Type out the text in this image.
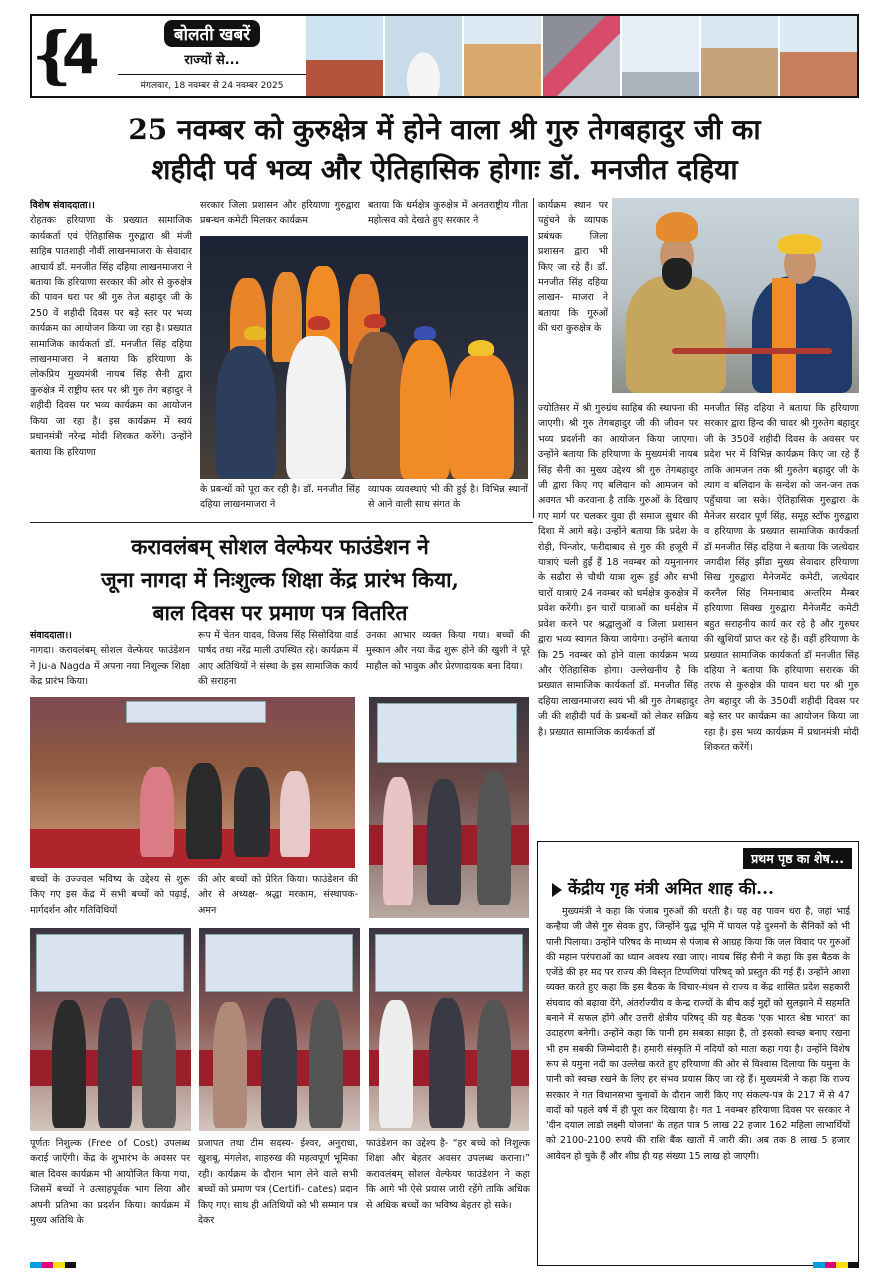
{
4	बोलती खबरें
राज्यों से...
मंगलवार, 18 नवम्बर से 24 नवम्बर 2025
25 नवम्बर को कुरुक्षेत्र में होने वाला श्री गुरु तेगबहादुर जी का
शहीदी पर्व भव्य और ऐतिहासिक होगाः डॉ. मनजीत दहिया
विशेष संवाददाता।।
रोहतकः हरियाणा के प्रख्यात सामाजिक कार्यकर्ता एवं ऐतिहासिक गुरुद्वारा श्री मंजी साहिब पातशाही नौवीं लाखनमाजरा के सेवादार आचार्य डॉ. मनजीत सिंह दहिया लाखनमाजरा ने बताया कि हरियाणा सरकार की ओर से कुरुक्षेत्र की पावन धरा पर श्री गुरु तेज बहादुर जी के 250 वें शहीदी दिवस पर बड़े स्तर पर भव्य कार्यक्रम का आयोजन किया जा रहा है। प्रख्यात सामाजिक कार्यकर्ता डॉ. मनजीत सिंह दहिया लाखनमाजरा ने बताया कि हरियाणा के लोकप्रिय मुख्यमंत्री नायब सिंह सैनी द्वारा कुरुक्षेत्र में राष्ट्रीय स्तर पर श्री गुरु तेग बहादुर ने शहीदी दिवस पर भव्य कार्यक्रम का आयोजन किया जा रहा है। इस कार्यक्रम में स्वयं प्रधानमंत्री नरेन्द्र मोदी शिरकत करेंगे। उन्होंने बताया कि हरियाणा
सरकार जिला प्रशासन और हरियाणा गुरुद्वारा प्रबन्धन कमेटी मिलकर कार्यक्रम
बताया कि धर्मक्षेत्र कुरुक्षेत्र में अनतराष्ट्रीय गीता महोत्सव को देखते हुए सरकार ने
के प्रबन्धों को पूरा कर रही है। डॉ. मनजीत सिंह दहिया लाखनमाजरा ने
व्यापक व्यवस्थाएं भी की हुई है। विभिन्न स्थानों से आने वाली साध संगत के
कार्यक्रम स्थान पर पहुंचने के व्यापक प्रबंधक जिला प्रशासन द्वारा भी किए जा रहे हैं। डॉ. मनजीत सिंह दहिया लाखन- माजरा ने बताया कि गुरुओं की धरा कुरुक्षेत्र के
ज्योतिसर में श्री गुरुग्रंथ साहिब की स्थापना की जाएगी। श्री गुरु तेगबहादुर जी की जीवन पर भव्य प्रदर्शनी का आयोजन किया जाएगा। उन्होंने बताया कि हरियाणा के मुख्यमंत्री नायब सिंह सैनी का मुख्य उद्देश्य श्री गुरु तेगबहादुर जी द्वारा किए गए बलिदान को आमजन को अवगत भी करवाना है ताकि गुरुओं के दिखाए गए मार्ग पर चलकर युवा ही समाज सुधार की दिशा में आगे बढ़े। उन्होंने बताया कि प्रदेश के रोड़ी, पिन्जोर, फरीदाबाद से गुरु की हजूरी में यात्राएं चली हुईं हैं 18 नवम्बर को यमुनानगर के सढौरा से चौथी यात्रा शुरू हुई और सभी चारों यात्राएं 24 नवम्बर को धर्मक्षेत्र कुरुक्षेत्र में प्रवेश करेंगी। इन चारों यात्राओं का धर्मक्षेत्र में प्रवेश करने पर श्रद्धालुओं व जिला प्रशासन द्वारा भव्य स्वागत किया जायेगा। उन्होंने बताया कि 25 नवम्बर को होने वाला कार्यक्रम भव्य और ऐतिहासिक होगा। उल्लेखनीय है कि प्रख्यात सामाजिक कार्यकर्ता डॉ. मनजीत सिंह दहिया लाखनमाजरा स्वयं भी श्री गुरु तेगबहादुर जी की शहीदी पर्व के प्रबन्धों को लेकर सक्रिय है। प्रख्यात सामाजिक कार्यकर्ता डॉ
मनजीत सिंह दहिया ने बताया कि हरियाणा सरकार द्वारा हिन्द की चादर श्री गुरुतेग बहादुर जी के 350वें शहीदी दिवस के अवसर पर प्रदेश भर में विभिन्न कार्यक्रम किए जा रहे हैं ताकि आमजन तक श्री गुरुतेग बहादुर जी के त्याग व बलिदान के सन्देश को जन-जन तक पहुँचाया जा सके। ऐतिहासिक गुरुद्वारा के मैनेजर सरदार पूर्ण सिंह, समूह स्टॉफ गुरुद्वारा व हरियाणा के प्रख्यात सामाजिक कार्यकर्ता डॉ मनजीत सिंह दहिया ने बताया कि जत्थेदार जगदीश सिंह झींडा मुख्य सेवादार हरियाणा सिख गुरुद्वारा मैनेजमेंट कमेटी, जत्थेदार करनैल सिंह निमनाबाद अन्तरिम मैम्बर हरियाणा सिक्ख गुरुद्वारा मैनेजमैंट कमेटी बहुत सराहनीय कार्य कर रहे है और गुरुघर की खुशियाँ प्राप्त कर रहे हैं। वहीं हरियाणा के प्रख्यात सामाजिक कार्यकर्ता डॉ मनजीत सिंह दहिया ने बताया कि हरियाणा सरारक की तरफ से कुरुक्षेत्र की पावन धरा पर श्री गुरु तेग बहादुर जी के 350वीं शहीदी दिवस पर बड़े स्तर पर कार्यक्रम का आयोजन किया जा रहा है। इस भव्य कार्यक्रम में प्रधानमंत्री मोदी शिकरत करेंगें।
करावलंबम् सोशल वेल्फेयर फाउंडेशन ने
जूना नागदा में निःशुल्क शिक्षा केंद्र प्रारंभ किया,
बाल दिवस पर प्रमाण पत्र वितरित
संवाददाता।।
नागदा। करावलंबम् सोशल वेल्फेयर फाउंडेशन ने Ju-a Nagda में अपना नया निशुल्क शिक्षा केंद्र प्रारंभ किया।
रूप में चेतन यादव, विजय सिंह सिसोदिया वार्ड पार्षद तथा नरेंद्र माली उपस्थित रहे। कार्यक्रम में आए अतिथियों ने संस्था के इस सामाजिक कार्य की सराहना
उनका आभार व्यक्त किया गया। बच्चों की मुस्कान और नया केंद्र शुरू होने की खुशी ने पूरे माहौल को भावुक और प्रेरणादायक बना दिया।
बच्चों के उज्ज्वल भविष्य के उद्देश्य से शुरू किए गए इस केंद्र में सभी बच्चों को पढ़ाई, मार्गदर्शन और गतिविधियों
की ओर बच्चों को प्रेरित किया। फाउंडेशन की ओर से अध्यक्ष- श्रद्धा मरकाम, संस्थापक- अमन
पूर्णतः निशुल्क (Free of Cost) उपलब्ध कराई जाएँगी। केंद्र के शुभारंभ के अवसर पर बाल दिवस कार्यक्रम भी आयोजित किया गया, जिसमें बच्चों ने उत्साहपूर्वक भाग लिया और अपनी प्रतिभा का प्रदर्शन किया। कार्यक्रम में मुख्य अतिथि के
प्रजापत तथा टीम सदस्य- ईश्वर, अनुराधा, खुशबू, मंगलेश, शाहरुख की महत्वपूर्ण भूमिका रही। कार्यक्रम के दौरान भाग लेने वाले सभी बच्चों को प्रमाण पत्र (Certifi- cates) प्रदान किए गए। साथ ही अतिथियों को भी सम्मान पत्र देकर
फाउंडेशन का उद्देश्य है- “हर बच्चे को निशुल्क शिक्षा और बेहतर अवसर उपलब्ध कराना।” करावलंबम् सोशल वेल्फेयर फाउंडेशन ने कहा कि आगे भी ऐसे प्रयास जारी रहेंगे ताकि अधिक से अधिक बच्चों का भविष्य बेहतर हो सके।
प्रथम पृष्ठ का शेष...
केंद्रीय गृह मंत्री अमित शाह की...
मुख्यमंत्री ने कहा कि पंजाब गुरुओं की धरती है। यह वह पावन धरा है, जहां भाई कन्हैया जी जैसे गुरु सेवक हुए, जिन्होंने युद्ध भूमि में घायल पड़े दुश्मनों के सैनिकों को भी पानी पिलाया। उन्होंने परिषद के माध्यम से पंजाब से आग्रह किया कि जल विवाद पर गुरुओं की महान परंपराओं का ध्यान अवश्य रखा जाए। नायब सिंह सैनी ने कहा कि इस बैठक के एजेंडे की हर मद पर राज्य की विस्तृत टिप्पणियां परिषद् को प्रस्तुत की गई हैं। उन्होंने आशा व्यक्त करते हुए कहा कि इस बैठक के विचार-मंथन से राज्य व केंद्र शासित प्रदेश सहकारी संघवाद को बढ़ावा देंगे, अंतर्राज्यीय व केन्द्र राज्यों के बीच कई मुद्दों को सुलझाने में सहमति बनाने में सफल होंगे और उत्तरी क्षेत्रीय परिषद् की यह बैठक 'एक भारत श्रेष्ठ भारत' का उदाहरण बनेगी। उन्होंने कहा कि पानी हम सबका साझा है, तो इसको स्वच्छ बनाए रखना भी हम सबकी जिम्मेदारी है। हमारी संस्कृति में नदियों को माता कहा गया है। उन्होंने विशेष रूप से यमुना नदी का उल्लेख करते हुए हरियाणा की ओर से विश्वास दिलाया कि यमुना के पानी को स्वच्छ रखने के लिए हर संभव प्रयास किए जा रहे हैं। मुख्यमंत्री ने कहा कि राज्य सरकार ने गत विधानसभा चुनावों के दौरान जारी किए गए संकल्प-पत्र के 217 में से 47 वादों को पहले वर्ष में ही पूरा कर दिखाया है। गत 1 नवम्बर हरियाणा दिवस पर सरकार ने 'दीन दयाल लाडो लक्ष्मी योजना' के तहत पात्र 5 लाख 22 हजार 162 महिला लाभार्थियों को 2100-2100 रुपये की राशि बैंक खातों में जारी की। अब तक 8 लाख 5 हजार आवेदन हो चुके हैं और शीघ्र ही यह संख्या 15 लाख हो जाएगी।
